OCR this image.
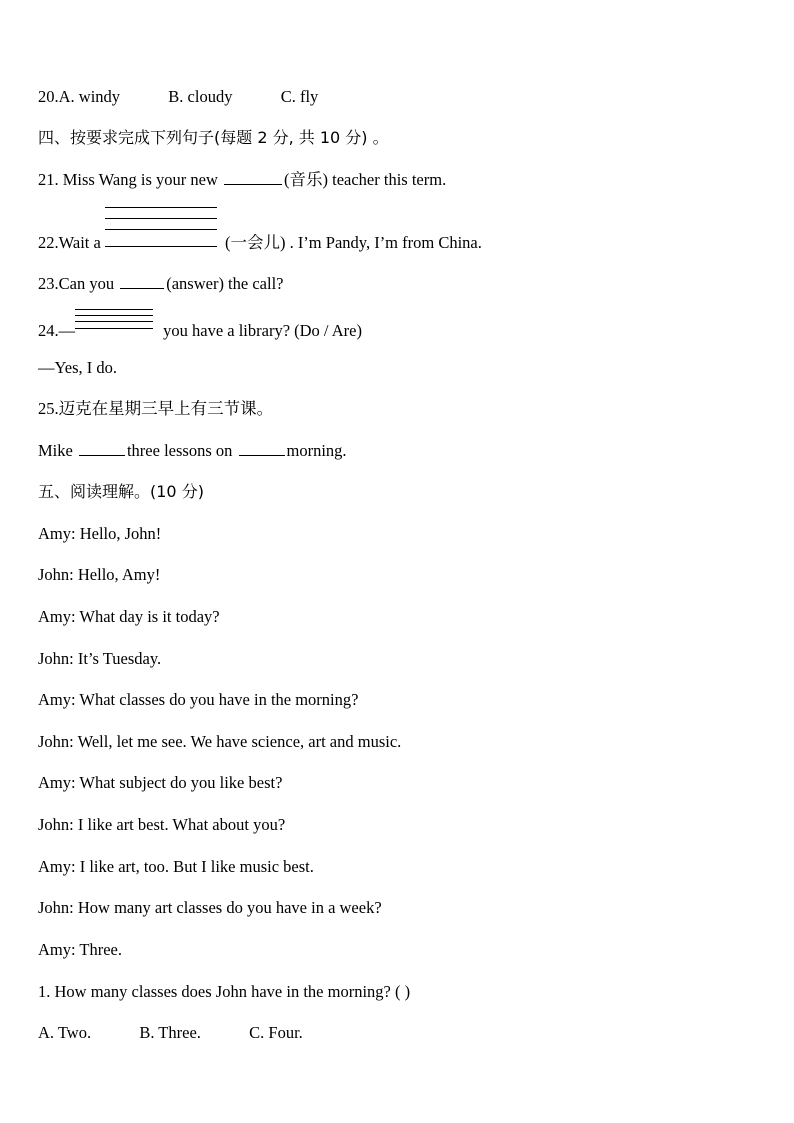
20.A. windy	B. cloudy	C. fly
四、按要求完成下列句子(每题 2 分, 共 10 分) 。
21. Miss Wang is your new	(音乐) teacher this term.
22.Wait a	(一会儿) . I’m Pandy, I’m from China.
23.Can you	(answer) the call?
24.—	you have a library? (Do / Are)
—Yes, I do.
25.迈克在星期三早上有三节课。
Mike	three lessons on	morning.
五、阅读理解。(10 分)
Amy: Hello, John!
John: Hello, Amy!
Amy: What day is it today?
John: It’s Tuesday.
Amy: What classes do you have in the morning?
John: Well, let me see. We have science, art and music.
Amy: What subject do you like best?
John: I like art best. What about you?
Amy: I like art, too. But I like music best.
John: How many art classes do you have in a week?
Amy: Three.
1. How many classes does John have in the morning? ( )
A. Two.	B. Three.	C. Four.
